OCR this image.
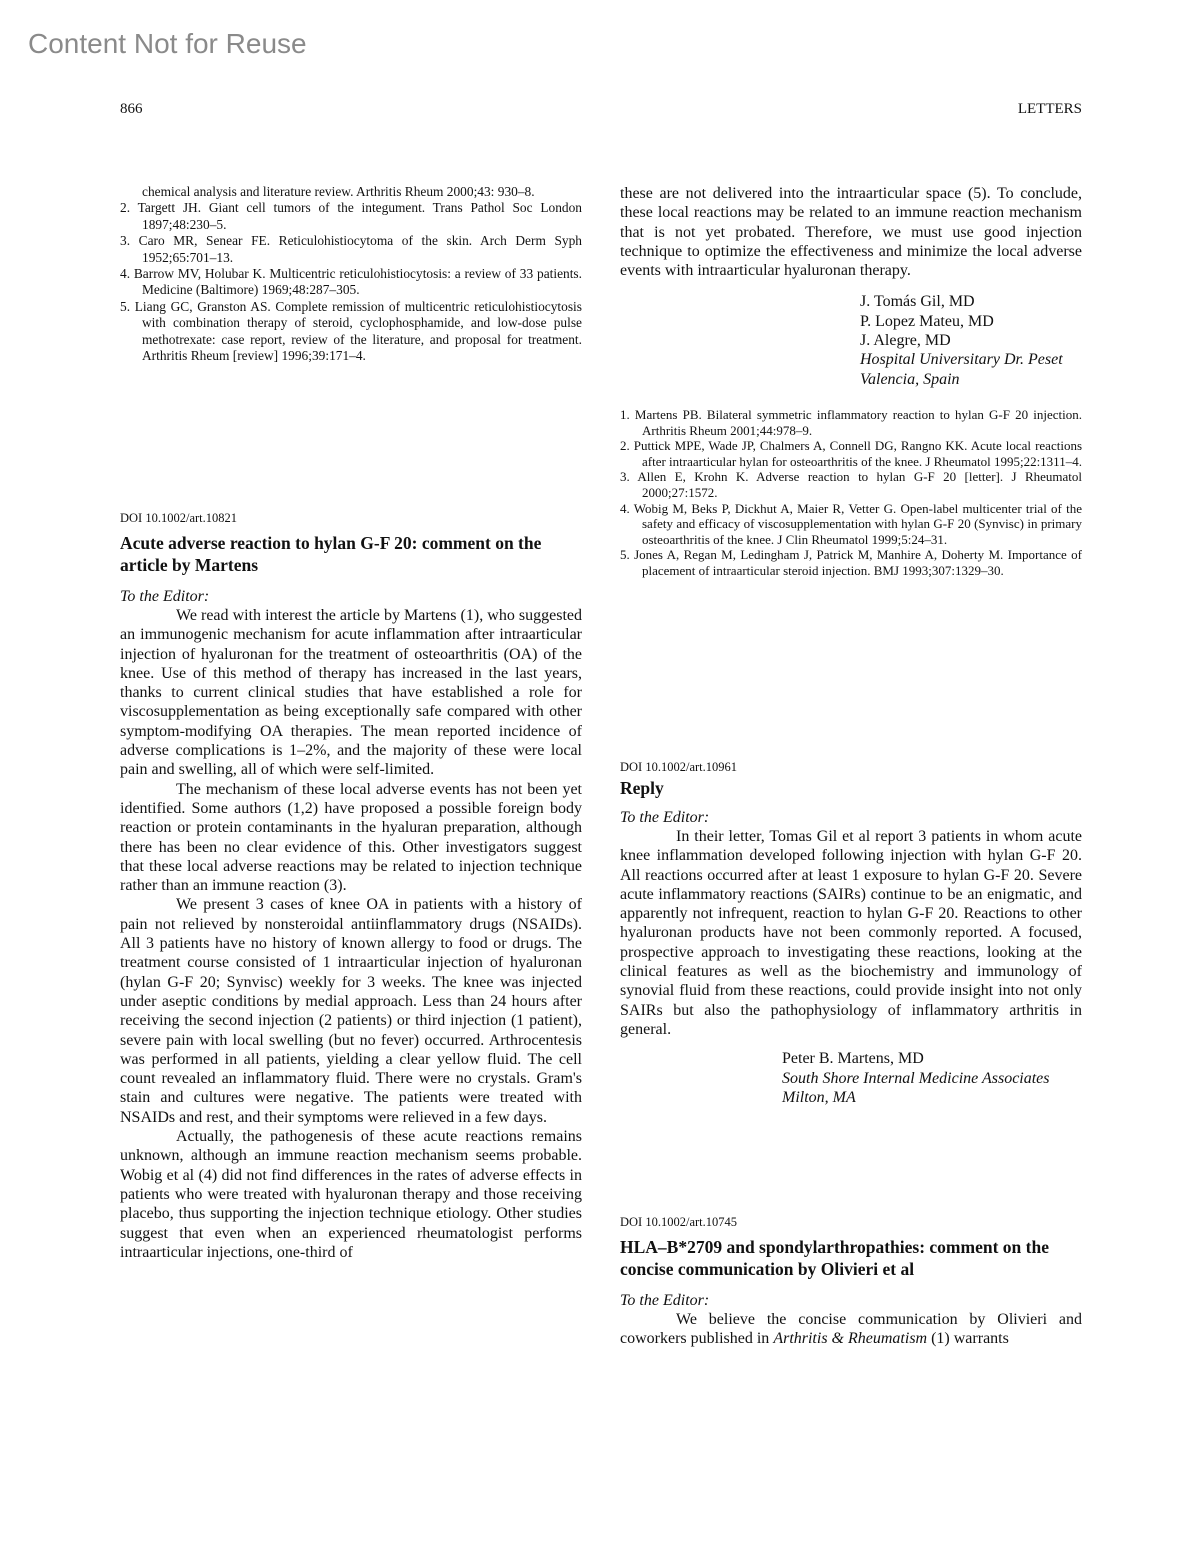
Content Not for Reuse
866	LETTERS
chemical analysis and literature review. Arthritis Rheum 2000;43: 930–8.
2. Targett JH. Giant cell tumors of the integument. Trans Pathol Soc London 1897;48:230–5.
3. Caro MR, Senear FE. Reticulohistiocytoma of the skin. Arch Derm Syph 1952;65:701–13.
4. Barrow MV, Holubar K. Multicentric reticulohistiocytosis: a review of 33 patients. Medicine (Baltimore) 1969;48:287–305.
5. Liang GC, Granston AS. Complete remission of multicentric reticulohistiocytosis with combination therapy of steroid, cyclophosphamide, and low-dose pulse methotrexate: case report, review of the literature, and proposal for treatment. Arthritis Rheum [review] 1996;39:171–4.
DOI 10.1002/art.10821
Acute adverse reaction to hylan G-F 20: comment on the article by Martens
To the Editor:

We read with interest the article by Martens (1), who suggested an immunogenic mechanism for acute inflammation after intraarticular injection of hyaluronan for the treatment of osteoarthritis (OA) of the knee. Use of this method of therapy has increased in the last years, thanks to current clinical studies that have established a role for viscosupplementation as being exceptionally safe compared with other symptom-modifying OA therapies. The mean reported incidence of adverse complications is 1–2%, and the majority of these were local pain and swelling, all of which were self-limited.

The mechanism of these local adverse events has not been yet identified. Some authors (1,2) have proposed a possible foreign body reaction or protein contaminants in the hyaluran preparation, although there has been no clear evidence of this. Other investigators suggest that these local adverse reactions may be related to injection technique rather than an immune reaction (3).

We present 3 cases of knee OA in patients with a history of pain not relieved by nonsteroidal antiinflammatory drugs (NSAIDs). All 3 patients have no history of known allergy to food or drugs. The treatment course consisted of 1 intraarticular injection of hyaluronan (hylan G-F 20; Synvisc) weekly for 3 weeks. The knee was injected under aseptic conditions by medial approach. Less than 24 hours after receiving the second injection (2 patients) or third injection (1 patient), severe pain with local swelling (but no fever) occurred. Arthrocentesis was performed in all patients, yielding a clear yellow fluid. The cell count revealed an inflammatory fluid. There were no crystals. Gram's stain and cultures were negative. The patients were treated with NSAIDs and rest, and their symptoms were relieved in a few days.

Actually, the pathogenesis of these acute reactions remains unknown, although an immune reaction mechanism seems probable. Wobig et al (4) did not find differences in the rates of adverse effects in patients who were treated with hyaluronan therapy and those receiving placebo, thus supporting the injection technique etiology. Other studies suggest that even when an experienced rheumatologist performs intraarticular injections, one-third of

these are not delivered into the intraarticular space (5). To conclude, these local reactions may be related to an immune reaction mechanism that is not yet probated. Therefore, we must use good injection technique to optimize the effectiveness and minimize the local adverse events with intraarticular hyaluronan therapy.

J. Tomás Gil, MD
P. Lopez Mateu, MD
J. Alegre, MD
Hospital Universitary Dr. Peset
Valencia, Spain
1. Martens PB. Bilateral symmetric inflammatory reaction to hylan G-F 20 injection. Arthritis Rheum 2001;44:978–9.
2. Puttick MPE, Wade JP, Chalmers A, Connell DG, Rangno KK. Acute local reactions after intraarticular hylan for osteoarthritis of the knee. J Rheumatol 1995;22:1311–4.
3. Allen E, Krohn K. Adverse reaction to hylan G-F 20 [letter]. J Rheumatol 2000;27:1572.
4. Wobig M, Beks P, Dickhut A, Maier R, Vetter G. Open-label multicenter trial of the safety and efficacy of viscosupplementation with hylan G-F 20 (Synvisc) in primary osteoarthritis of the knee. J Clin Rheumatol 1999;5:24–31.
5. Jones A, Regan M, Ledingham J, Patrick M, Manhire A, Doherty M. Importance of placement of intraarticular steroid injection. BMJ 1993;307:1329–30.
DOI 10.1002/art.10961
Reply
To the Editor:

In their letter, Tomas Gil et al report 3 patients in whom acute knee inflammation developed following injection with hylan G-F 20. All reactions occurred after at least 1 exposure to hylan G-F 20. Severe acute inflammatory reactions (SAIRs) continue to be an enigmatic, and apparently not infrequent, reaction to hylan G-F 20. Reactions to other hyaluronan products have not been commonly reported. A focused, prospective approach to investigating these reactions, looking at the clinical features as well as the biochemistry and immunology of synovial fluid from these reactions, could provide insight into not only SAIRs but also the pathophysiology of inflammatory arthritis in general.

Peter B. Martens, MD
South Shore Internal Medicine Associates
Milton, MA
DOI 10.1002/art.10745
HLA–B*2709 and spondylarthropathies: comment on the concise communication by Olivieri et al
To the Editor:

We believe the concise communication by Olivieri and coworkers published in Arthritis & Rheumatism (1) warrants
